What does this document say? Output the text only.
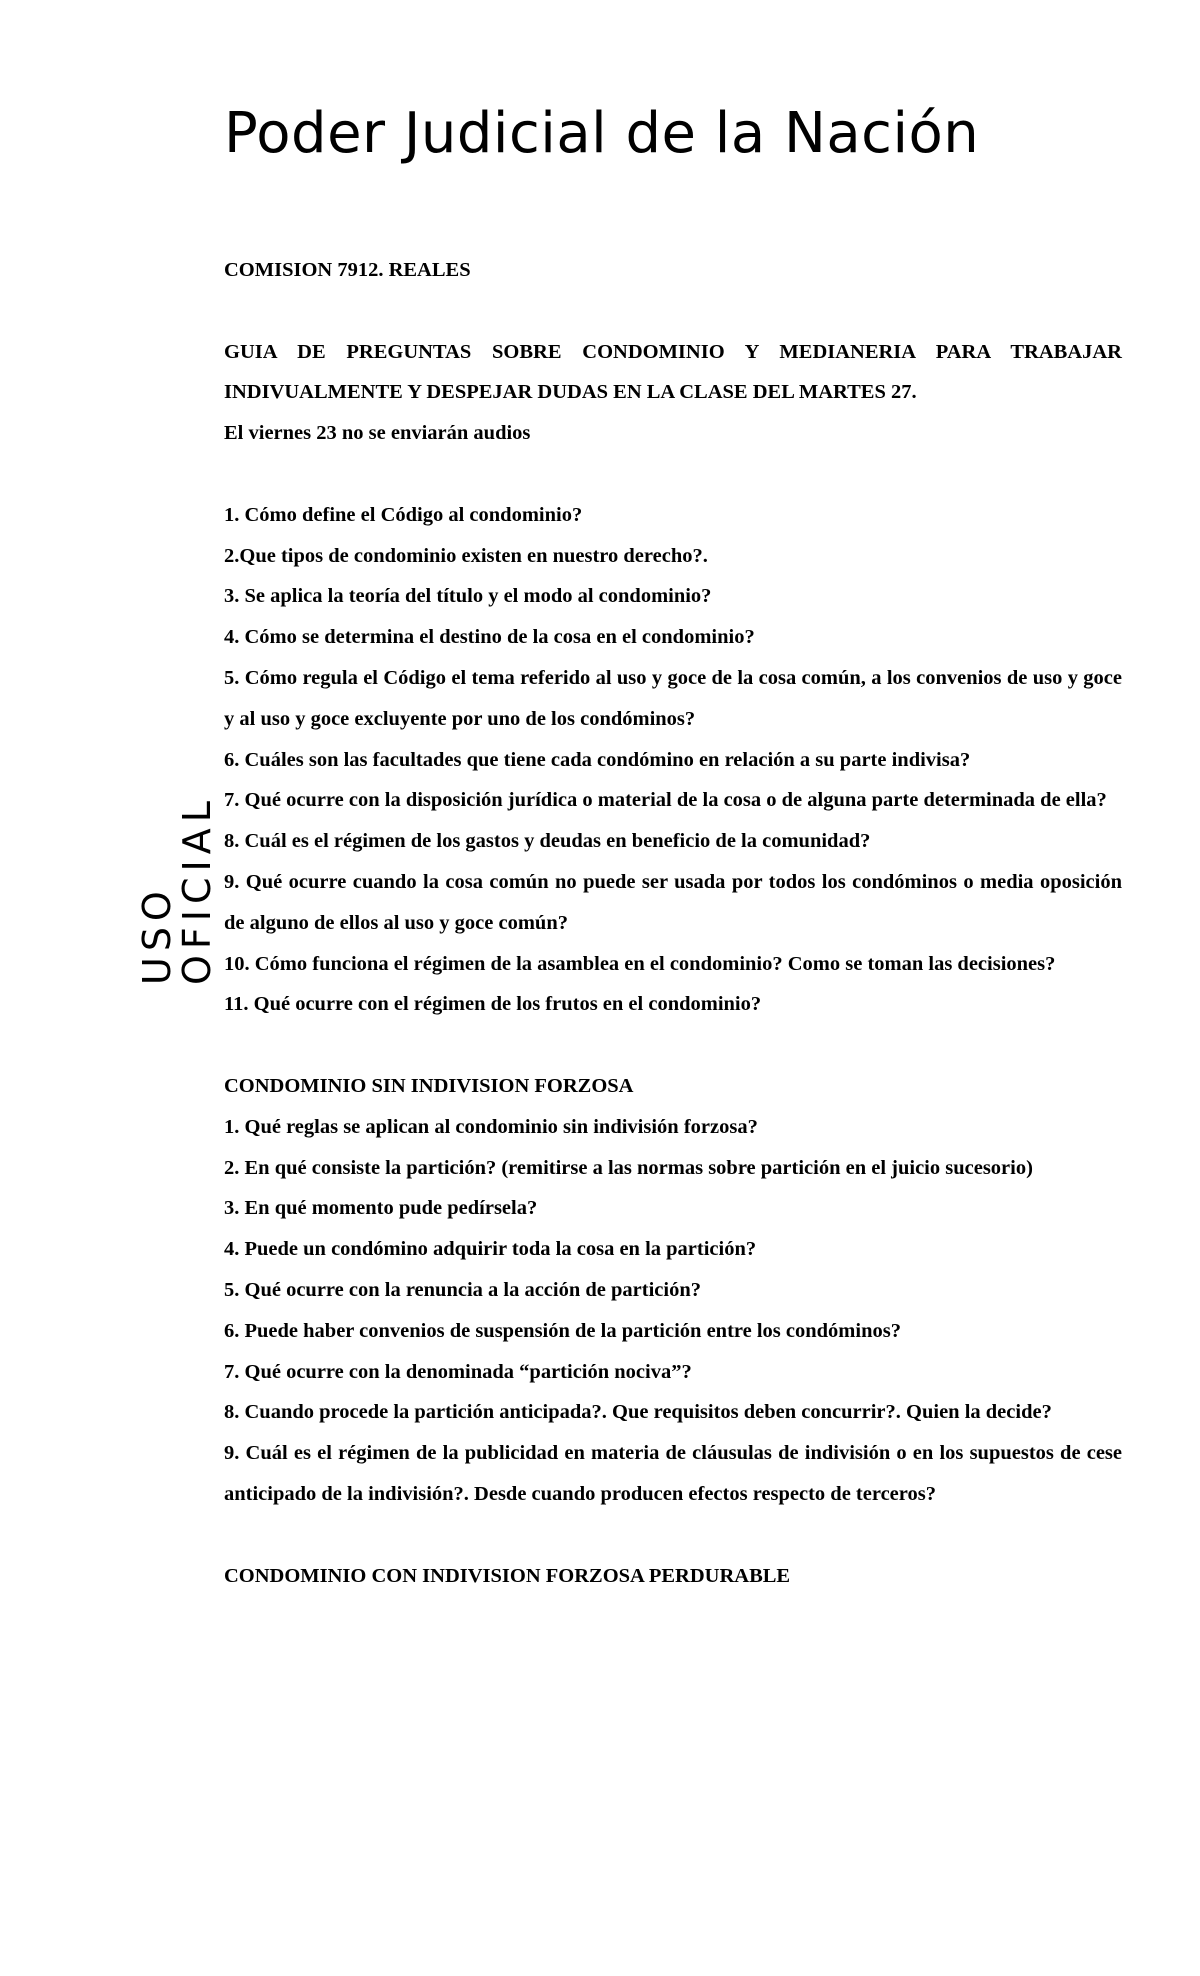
Poder Judicial de la Nación
USO
OFICIAL

COMISION 7912. REALES

GUIA DE PREGUNTAS SOBRE CONDOMINIO Y MEDIANERIA PARA TRABAJAR INDIVUALMENTE Y DESPEJAR DUDAS EN LA CLASE DEL MARTES 27.

El viernes 23 no se enviarán audios

1. Cómo define el Código al condominio?

2.Que tipos de condominio existen en nuestro derecho?.

3. Se aplica la teoría del título y el modo al condominio?

4. Cómo se determina el destino de la cosa en el condominio?

5. Cómo regula el Código el tema referido al uso y goce de la cosa común, a los convenios de uso y goce y al uso y goce excluyente por uno de los condóminos?

6. Cuáles son las facultades que tiene cada condómino en relación a su parte indivisa?

7. Qué ocurre con la disposición jurídica o material de la cosa o de alguna parte determinada de ella?

8. Cuál es el régimen de los gastos y deudas en beneficio de la comunidad?

9. Qué ocurre cuando la cosa común no puede ser usada por todos los condóminos o media oposición de alguno de ellos al uso y goce común?

10. Cómo funciona el régimen de la asamblea en el condominio? Como se toman las decisiones?

11. Qué ocurre con el régimen de los frutos en el condominio?

CONDOMINIO SIN INDIVISION FORZOSA

1. Qué reglas se aplican al condominio sin indivisión forzosa?

2. En qué consiste la partición? (remitirse a las normas sobre partición en el juicio sucesorio)

3. En qué momento pude pedírsela?

4. Puede un condómino adquirir toda la cosa en la partición?

5. Qué ocurre con la renuncia a la acción de partición?

6. Puede haber convenios de suspensión de la partición entre los condóminos?

7. Qué ocurre con la denominada “partición nociva”?

8. Cuando procede la partición anticipada?. Que requisitos deben concurrir?. Quien la decide?

9. Cuál es el régimen de la publicidad en materia de cláusulas de indivisión o en los supuestos de cese anticipado de la indivisión?. Desde cuando producen efectos respecto de terceros?

CONDOMINIO CON INDIVISION FORZOSA PERDURABLE
